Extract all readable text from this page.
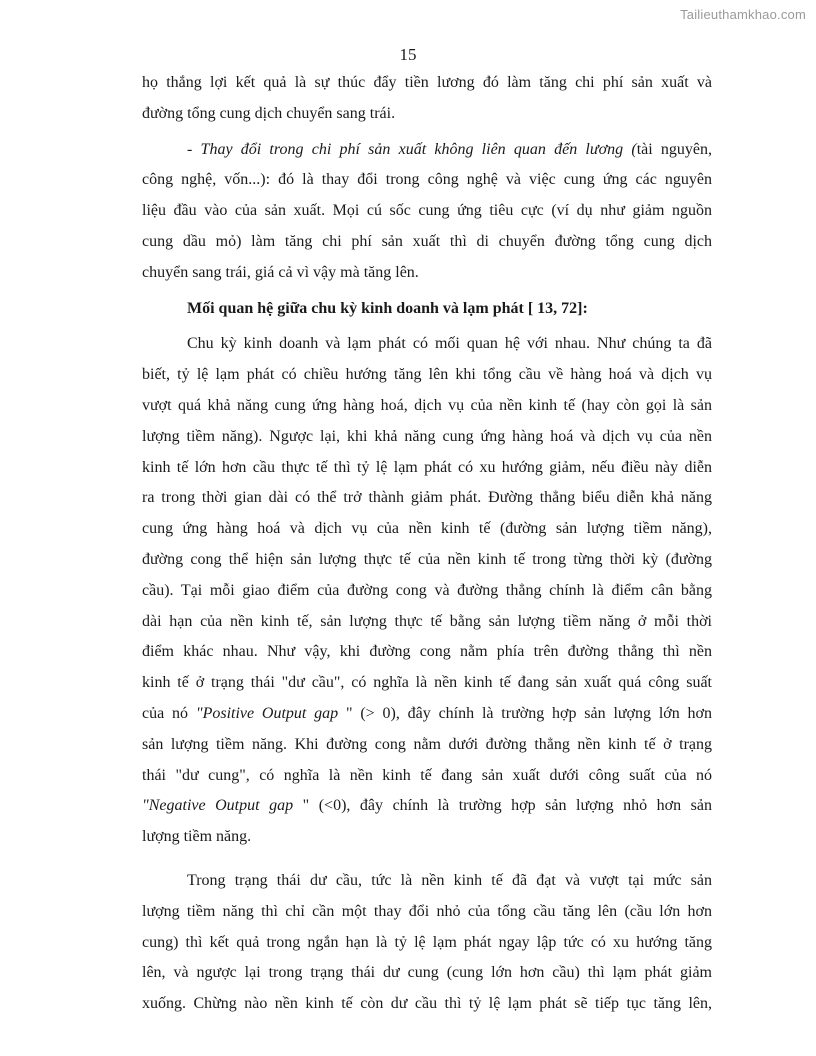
Tailieuthamkhao.com
15

họ thắng lợi kết quả là sự thúc đẩy tiền lương đó làm tăng chi phí sản xuất và
đường tổng cung dịch chuyển sang trái.

- Thay đổi trong chi phí sản xuất không liên quan đến lương (tài nguyên,
công nghệ, vốn...): đó là thay đổi trong công nghệ và việc cung ứng các nguyên
liệu đầu vào của sản xuất. Mọi cú sốc cung ứng tiêu cực (ví dụ như giảm nguồn
cung dầu mỏ) làm tăng chi phí sản xuất thì di chuyển đường tổng cung dịch
chuyển sang trái, giá cả vì vậy mà tăng lên.

Mối quan hệ giữa chu kỳ kinh doanh và lạm phát [ 13, 72]:

Chu kỳ kinh doanh và lạm phát có mối quan hệ với nhau. Như chúng ta đã
biết, tỷ lệ lạm phát có chiều hướng tăng lên khi tổng cầu về hàng hoá và dịch vụ
vượt quá khả năng cung ứng hàng hoá, dịch vụ của nền kinh tế (hay còn gọi là sản
lượng tiềm năng). Ngược lại, khi khả năng cung ứng hàng hoá và dịch vụ của nền
kinh tế lớn hơn cầu thực tế thì tỷ lệ lạm phát có xu hướng giảm, nếu điều này diễn
ra trong thời gian dài có thể trở thành giảm phát. Đường thẳng biểu diễn khả năng
cung ứng hàng hoá và dịch vụ của nền kinh tế (đường sản lượng tiềm năng),
đường cong thể hiện sản lượng thực tế của nền kinh tế trong từng thời kỳ (đường
cầu). Tại mỗi giao điểm của đường cong và đường thẳng chính là điểm cân bằng
dài hạn của nền kinh tế, sản lượng thực tế bằng sản lượng tiềm năng ở mỗi thời
điểm khác nhau. Như vậy, khi đường cong nằm phía trên đường thẳng thì nền
kinh tế ở trạng thái "dư cầu", có nghĩa là nền kinh tế đang sản xuất quá công suất
của nó "Positive Output gap " (> 0), đây chính là trường hợp sản lượng lớn hơn
sản lượng tiềm năng. Khi đường cong nằm dưới đường thẳng nền kinh tế ở trạng
thái "dư cung", có nghĩa là nền kinh tế đang sản xuất dưới công suất của nó
"Negative Output gap " (<0), đây chính là trường hợp sản lượng nhỏ hơn sản
lượng tiềm năng.

Trong trạng thái dư cầu, tức là nền kinh tế đã đạt và vượt tại mức sản
lượng tiềm năng thì chỉ cần một thay đổi nhỏ của tổng cầu tăng lên (cầu lớn hơn
cung) thì kết quả trong ngắn hạn là tỷ lệ lạm phát ngay lập tức có xu hướng tăng
lên, và ngược lại trong trạng thái dư cung (cung lớn hơn cầu) thì lạm phát giảm
xuống. Chừng nào nền kinh tế còn dư cầu thì tỷ lệ lạm phát sẽ tiếp tục tăng lên,
